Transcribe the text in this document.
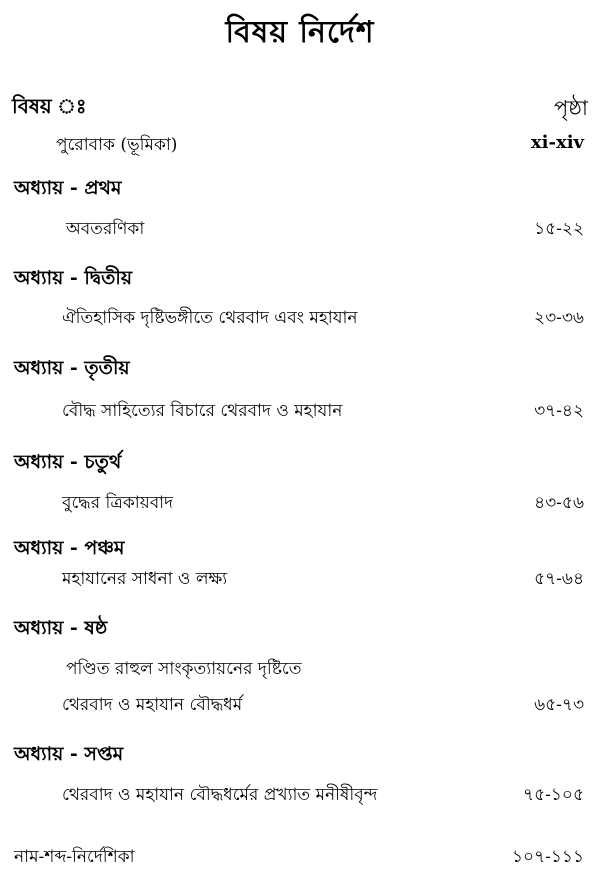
বিষয় নির্দেশ
বিষয় ঃ	পৃষ্ঠা
পুরোবাক (ভূমিকা)	xi-xiv
অধ্যায় - প্রথম
অবতরণিকা	১৫-২২
অধ্যায় - দ্বিতীয়
ঐতিহাসিক দৃষ্টিভঙ্গীতে থেরবাদ এবং মহাযান	২৩-৩৬
অধ্যায় - তৃতীয়
বৌদ্ধ সাহিত্যের বিচারে থেরবাদ ও মহাযান	৩৭-৪২
অধ্যায় - চতুর্থ
বুদ্ধের ত্রিকায়বাদ	৪৩-৫৬
অধ্যায় - পঞ্চম
মহাযানের সাধনা ও লক্ষ্য	৫৭-৬৪
অধ্যায় - ষষ্ঠ
পণ্ডিত রাহুল সাংকৃত্যায়নের দৃষ্টিতে
থেরবাদ ও মহাযান বৌদ্ধধর্ম	৬৫-৭৩
অধ্যায় - সপ্তম
থেরবাদ ও মহাযান বৌদ্ধধর্মের প্রখ্যাত মনীষীবৃন্দ	৭৫-১০৫
নাম-শব্দ-নির্দেশিকা	১০৭-১১১
